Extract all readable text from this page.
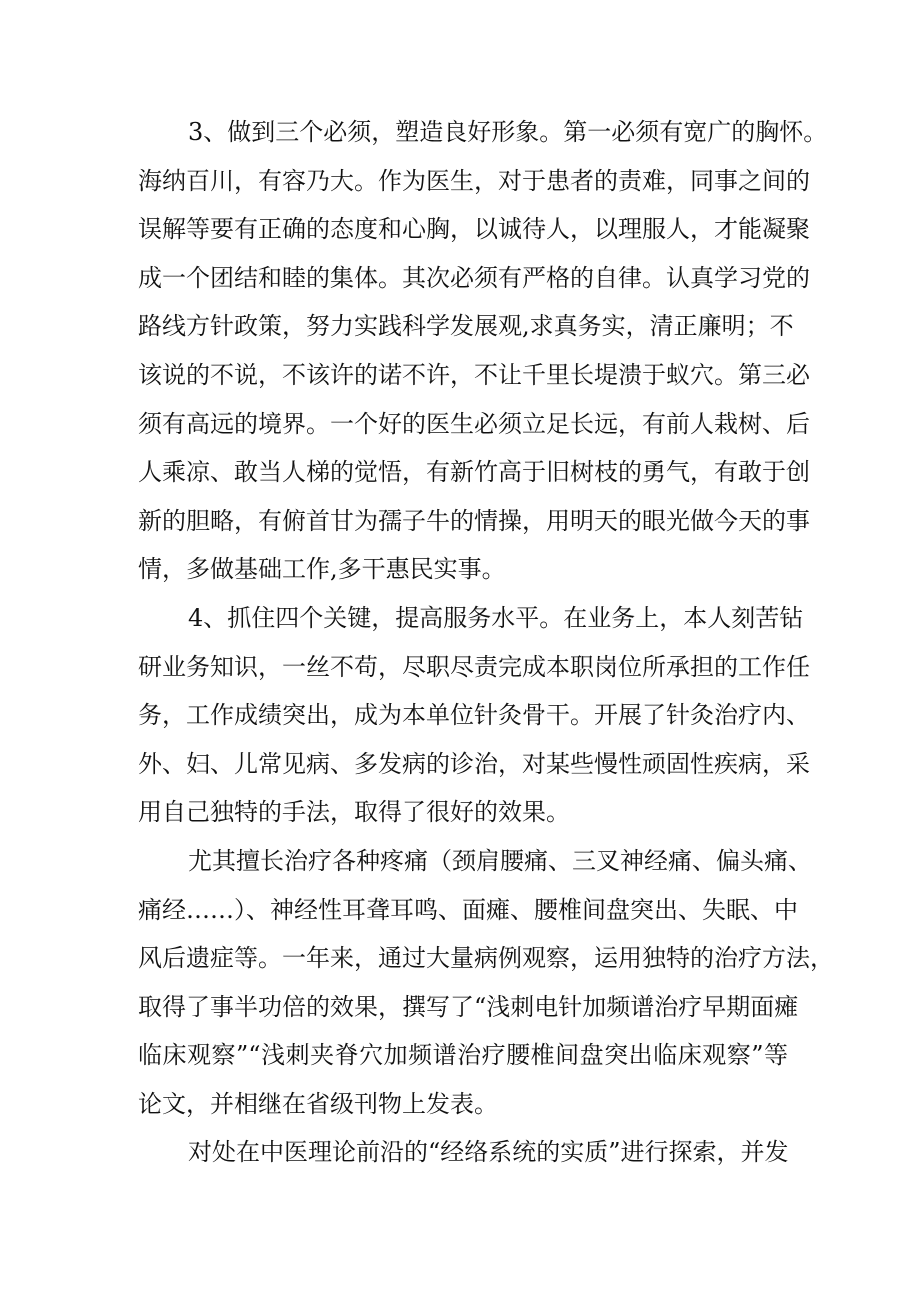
3、做到三个必须，塑造良好形象。第一必须有宽广的胸怀。
海纳百川，有容乃大。作为医生，对于患者的责难，同事之间的
误解等要有正确的态度和心胸，以诚待人，以理服人，才能凝聚
成一个团结和睦的集体。其次必须有严格的自律。认真学习党的
路线方针政策，努力实践科学发展观,求真务实，清正廉明；不
该说的不说，不该许的诺不许，不让千里长堤溃于蚁穴。第三必
须有高远的境界。一个好的医生必须立足长远，有前人栽树、后
人乘凉、敢当人梯的觉悟，有新竹高于旧树枝的勇气，有敢于创
新的胆略，有俯首甘为孺子牛的情操，用明天的眼光做今天的事
情，多做基础工作,多干惠民实事。
4、抓住四个关键，提高服务水平。在业务上，本人刻苦钻
研业务知识，一丝不苟，尽职尽责完成本职岗位所承担的工作任
务，工作成绩突出，成为本单位针灸骨干。开展了针灸治疗内、
外、妇、儿常见病、多发病的诊治，对某些慢性顽固性疾病，采
用自己独特的手法，取得了很好的效果。
尤其擅长治疗各种疼痛（颈肩腰痛、三叉神经痛、偏头痛、
痛经……）、神经性耳聋耳鸣、面瘫、腰椎间盘突出、失眠、中
风后遗症等。一年来，通过大量病例观察，运用独特的治疗方法，
取得了事半功倍的效果，撰写了“浅刺电针加频谱治疗早期面瘫
临床观察”“浅刺夹脊穴加频谱治疗腰椎间盘突出临床观察”等
论文，并相继在省级刊物上发表。
对处在中医理论前沿的“经络系统的实质”进行探索，并发
